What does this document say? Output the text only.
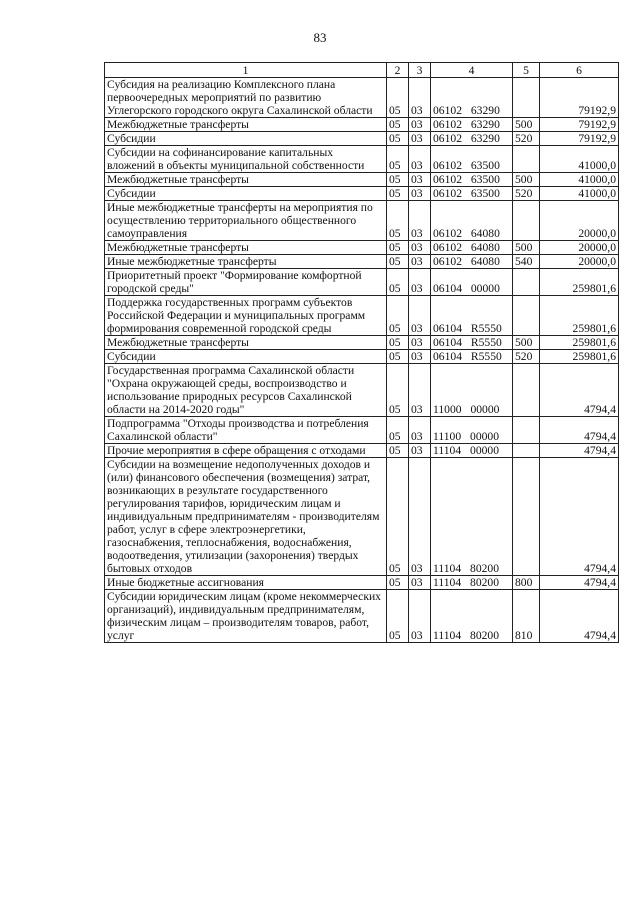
83
1	2	3	4	5	6
Субсидия на реализацию Комплексного плана первоочередных мероприятий по развитию Углегорского городского округа Сахалинской области	05	03	06102 63290		79192,9
Межбюджетные трансферты	05	03	06102 63290	500	79192,9
Субсидии	05	03	06102 63290	520	79192,9
Субсидии на софинансирование капитальных вложений в объекты муниципальной собственности	05	03	06102 63500		41000,0
Межбюджетные трансферты	05	03	06102 63500	500	41000,0
Субсидии	05	03	06102 63500	520	41000,0
Иные межбюджетные трансферты на мероприятия по осуществлению территориального общественного самоуправления	05	03	06102 64080		20000,0
Межбюджетные трансферты	05	03	06102 64080	500	20000,0
Иные межбюджетные трансферты	05	03	06102 64080	540	20000,0
Приоритетный проект "Формирование комфортной городской среды"	05	03	06104 00000		259801,6
Поддержка государственных программ субъектов Российской Федерации и муниципальных программ формирования современной городской среды	05	03	06104 R5550		259801,6
Межбюджетные трансферты	05	03	06104 R5550	500	259801,6
Субсидии	05	03	06104 R5550	520	259801,6
Государственная программа Сахалинской области "Охрана окружающей среды, воспроизводство и использование природных ресурсов Сахалинской области на 2014-2020 годы"	05	03	11000 00000		4794,4
Подпрограмма "Отходы производства и потребления Сахалинской области"	05	03	11100 00000		4794,4
Прочие мероприятия в сфере обращения с отходами	05	03	11104 00000		4794,4
Субсидии на возмещение недополученных доходов и (или) финансового обеспечения (возмещения) затрат, возникающих в результате государственного регулирования тарифов, юридическим лицам и индивидуальным предпринимателям - производителям работ, услуг в сфере электроэнергетики, газоснабжения, теплоснабжения, водоснабжения, водоотведения, утилизации (захоронения) твердых бытовых отходов	05	03	11104 80200		4794,4
Иные бюджетные ассигнования	05	03	11104 80200	800	4794,4
Субсидии юридическим лицам (кроме некоммерческих организаций), индивидуальным предпринимателям, физическим лицам – производителям товаров, работ, услуг	05	03	11104 80200	810	4794,4
